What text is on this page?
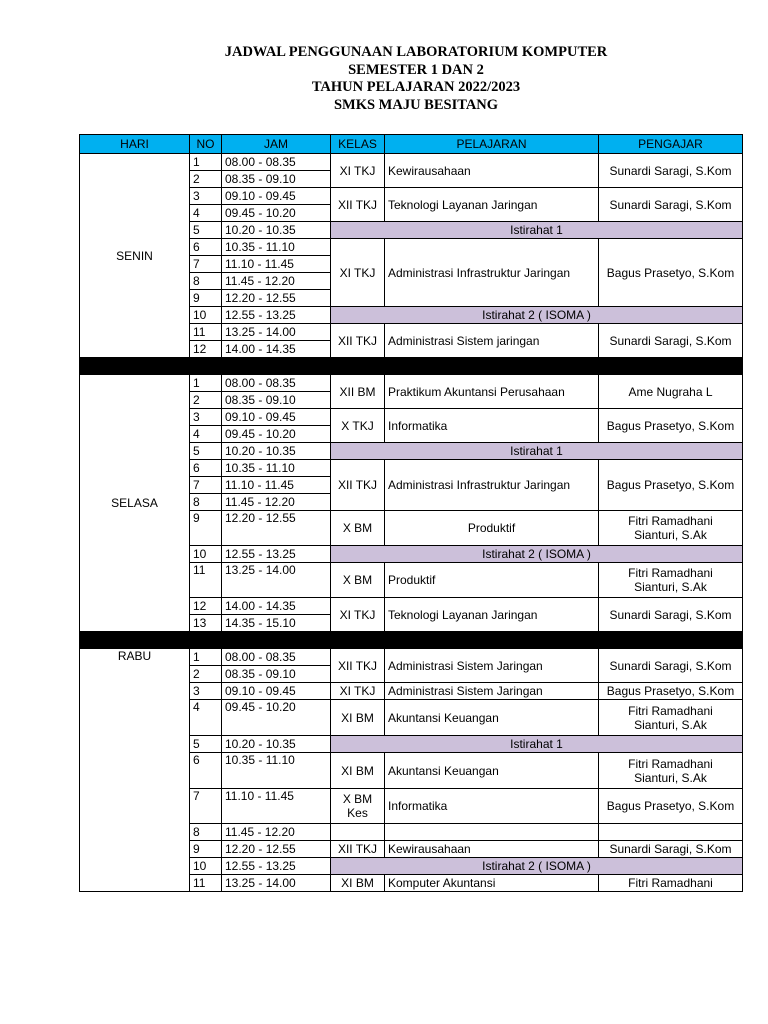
JADWAL PENGGUNAAN LABORATORIUM KOMPUTER

SEMESTER 1 DAN 2

TAHUN PELAJARAN 2022/2023

SMKS MAJU BESITANG

HARI	NO	JAM	KELAS	PELAJARAN	PENGAJAR
SENIN	1	08.00 - 08.35	XI TKJ	Kewirausahaan	Sunardi Saragi, S.Kom
	2	08.35 - 09.10			
	3	09.10 - 09.45	XII TKJ	Teknologi Layanan Jaringan	Sunardi Saragi, S.Kom
	4	09.45 - 10.20			
	5	10.20 - 10.35	Istirahat 1		
	6	10.35 - 11.10	XI TKJ	Administrasi Infrastruktur Jaringan	Bagus Prasetyo, S.Kom
	7	11.10 - 11.45			
	8	11.45 - 12.20			
	9	12.20 - 12.55			
	10	12.55 - 13.25	Istirahat 2 ( ISOMA )		
	11	13.25 - 14.00	XII TKJ	Administrasi Sistem jaringan	Sunardi Saragi, S.Kom
	12	14.00 - 14.35			

SELASA	1	08.00 - 08.35	XII BM	Praktikum Akuntansi Perusahaan	Ame Nugraha L
	2	08.35 - 09.10			
	3	09.10 - 09.45	X TKJ	Informatika	Bagus Prasetyo, S.Kom
	4	09.45 - 10.20			
	5	10.20 - 10.35	Istirahat 1		
	6	10.35 - 11.10	XII TKJ	Administrasi Infrastruktur Jaringan	Bagus Prasetyo, S.Kom
	7	11.10 - 11.45			
	8	11.45 - 12.20			
	9	12.20 - 12.55	X BM	Produktif	Fitri Ramadhani
Sianturi, S.Ak
	10	12.55 - 13.25	Istirahat 2 ( ISOMA )		
	11	13.25 - 14.00	X BM	Produktif	Fitri Ramadhani
Sianturi, S.Ak
	12	14.00 - 14.35	XI TKJ	Teknologi Layanan Jaringan	Sunardi Saragi, S.Kom
	13	14.35 - 15.10			

RABU	1	08.00 - 08.35	XII TKJ	Administrasi Sistem Jaringan	Sunardi Saragi, S.Kom
	2	08.35 - 09.10			
	3	09.10 - 09.45	XI TKJ	Administrasi Sistem Jaringan	Bagus Prasetyo, S.Kom
	4	09.45 - 10.20	XI BM	Akuntansi Keuangan	Fitri Ramadhani
Sianturi, S.Ak
	5	10.20 - 10.35	Istirahat 1		
	6	10.35 - 11.10	XI BM	Akuntansi Keuangan	Fitri Ramadhani
Sianturi, S.Ak
	7	11.10 - 11.45	X BM
Kes	Informatika	Bagus Prasetyo, S.Kom
	8	11.45 - 12.20			
	9	12.20 - 12.55	XII TKJ	Kewirausahaan	Sunardi Saragi, S.Kom
	10	12.55 - 13.25	Istirahat 2 ( ISOMA )		
	11	13.25 - 14.00	XI BM	Komputer Akuntansi	Fitri Ramadhani
